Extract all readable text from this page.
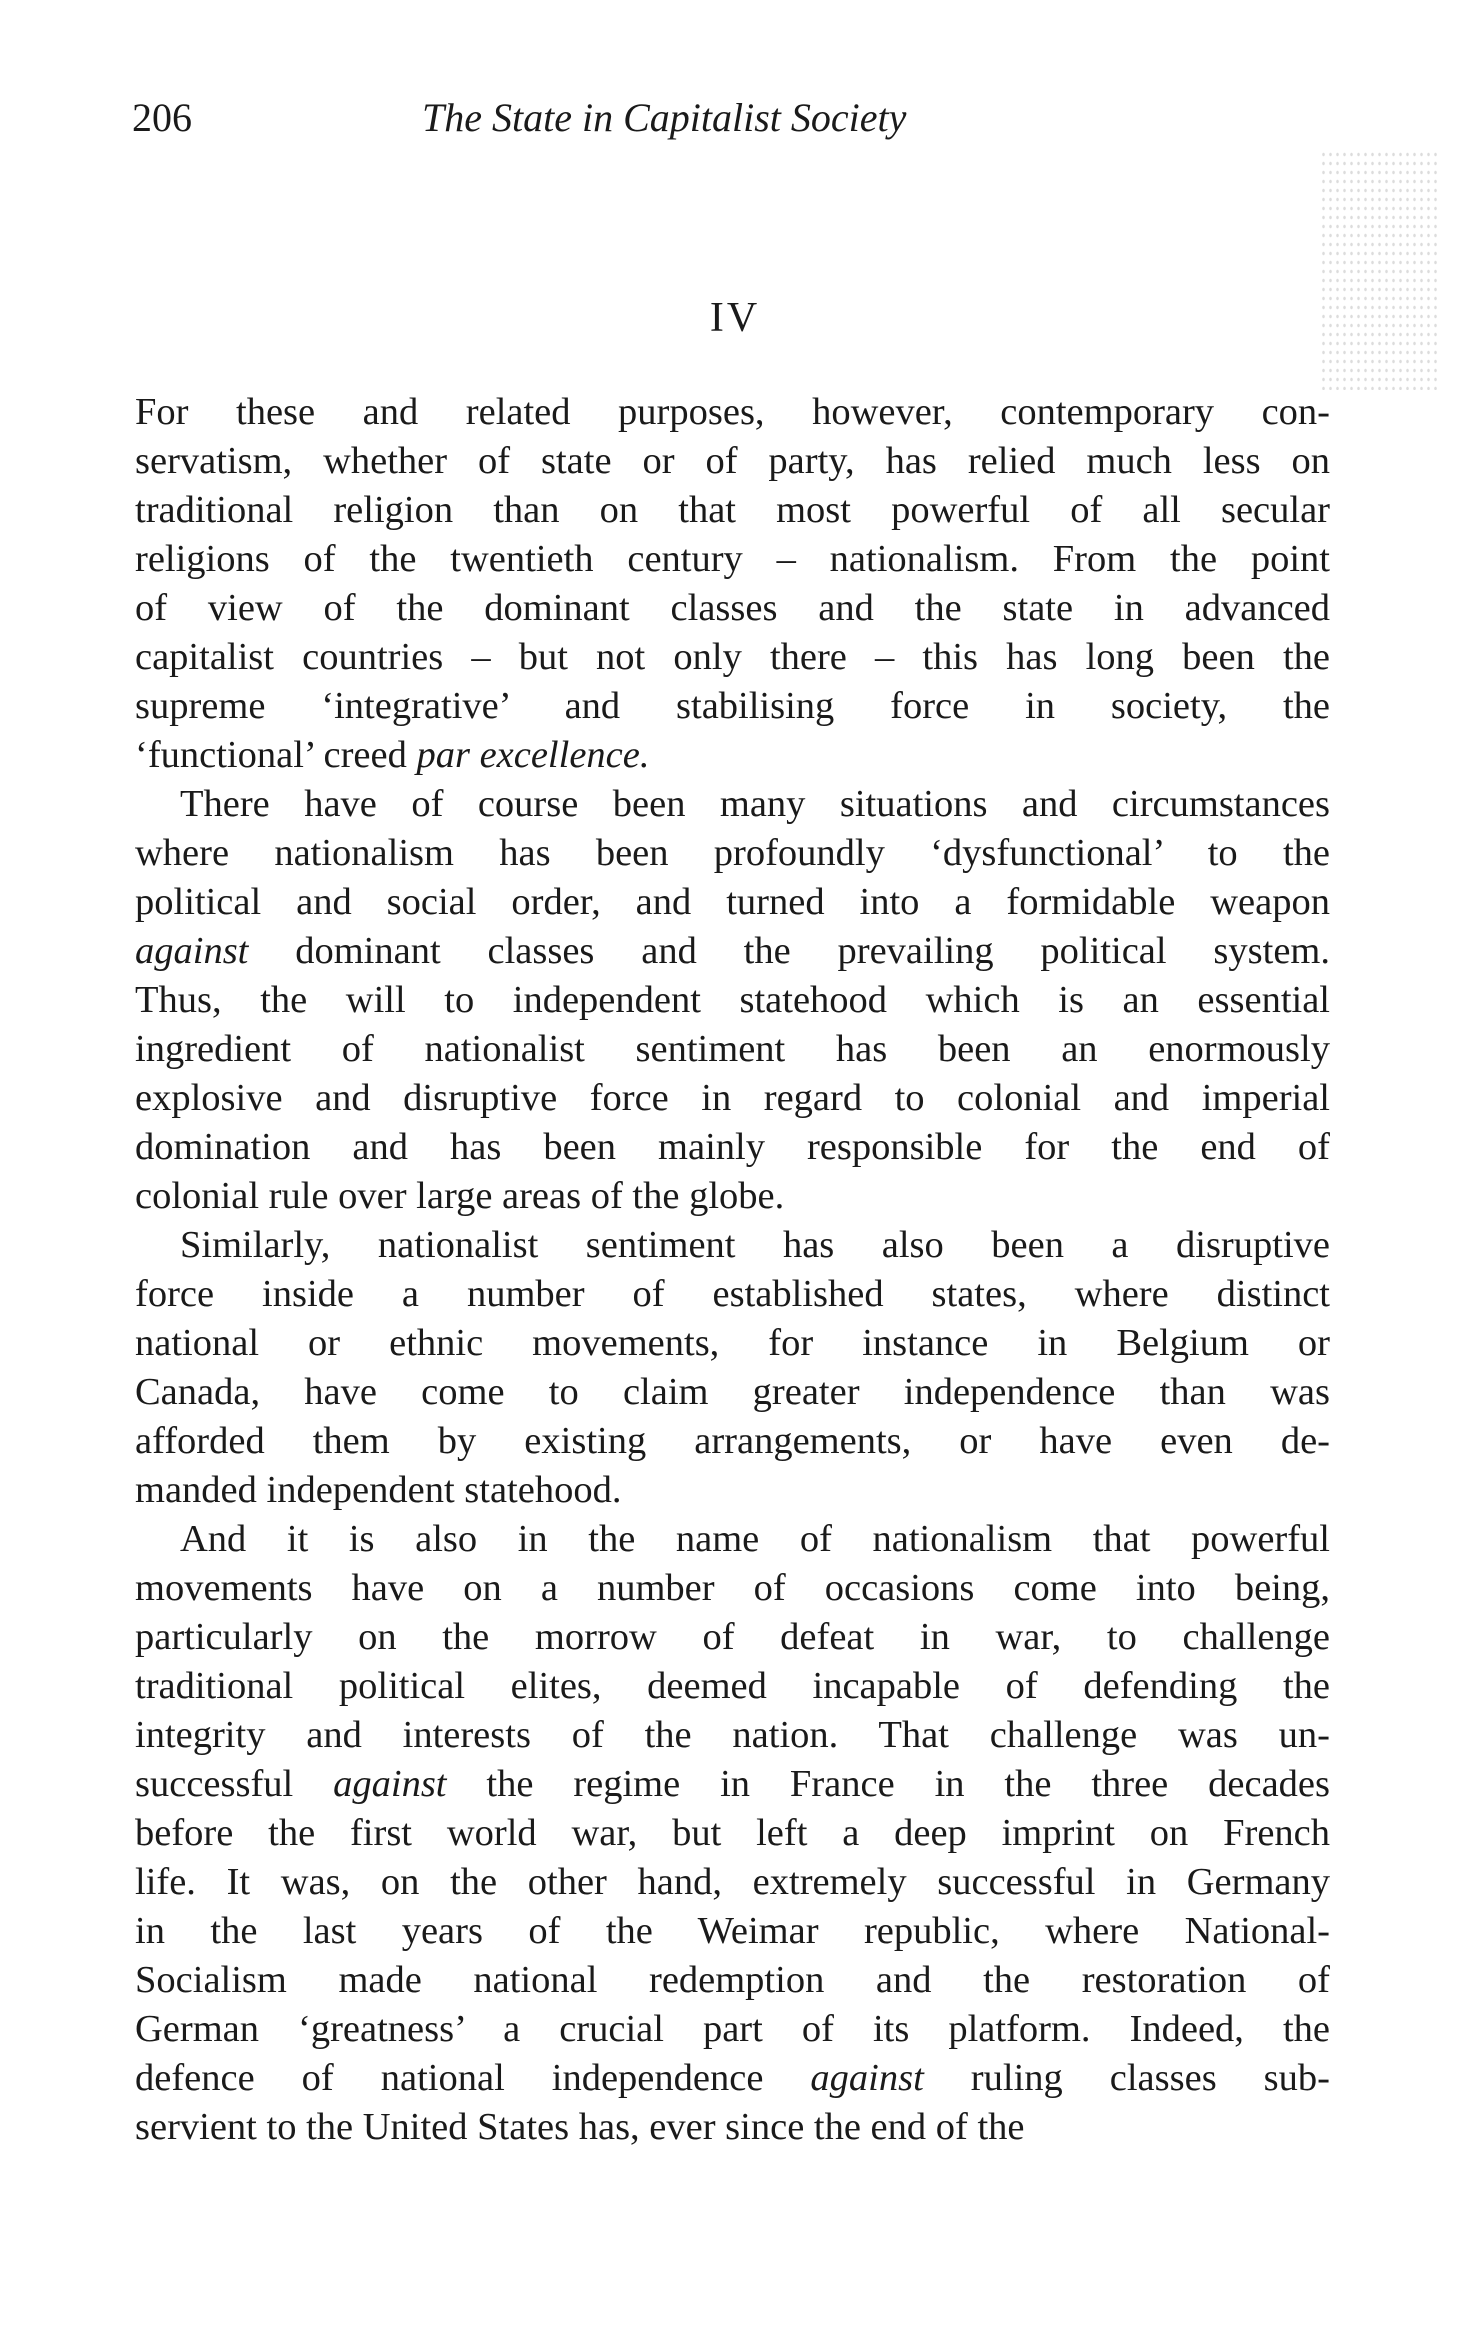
206	The State in Capitalist Society
IV

For these and related purposes, however, contemporary con-
servatism, whether of state or of party, has relied much less on
traditional religion than on that most powerful of all secular
religions of the twentieth century – nationalism. From the point
of view of the dominant classes and the state in advanced
capitalist countries – but not only there – this has long been the
supreme ‘integrative’ and stabilising force in society, the
‘functional’ creed par excellence.

There have of course been many situations and circumstances
where nationalism has been profoundly ‘dysfunctional’ to the
political and social order, and turned into a formidable weapon
against dominant classes and the prevailing political system.
Thus, the will to independent statehood which is an essential
ingredient of nationalist sentiment has been an enormously
explosive and disruptive force in regard to colonial and imperial
domination and has been mainly responsible for the end of
colonial rule over large areas of the globe.

Similarly, nationalist sentiment has also been a disruptive
force inside a number of established states, where distinct
national or ethnic movements, for instance in Belgium or
Canada, have come to claim greater independence than was
afforded them by existing arrangements, or have even de-
manded independent statehood.

And it is also in the name of nationalism that powerful
movements have on a number of occasions come into being,
particularly on the morrow of defeat in war, to challenge
traditional political elites, deemed incapable of defending the
integrity and interests of the nation. That challenge was un-
successful against the regime in France in the three decades
before the first world war, but left a deep imprint on French
life. It was, on the other hand, extremely successful in Germany
in the last years of the Weimar republic, where National-
Socialism made national redemption and the restoration of
German ‘greatness’ a crucial part of its platform. Indeed, the
defence of national independence against ruling classes sub-
servient to the United States has, ever since the end of the
